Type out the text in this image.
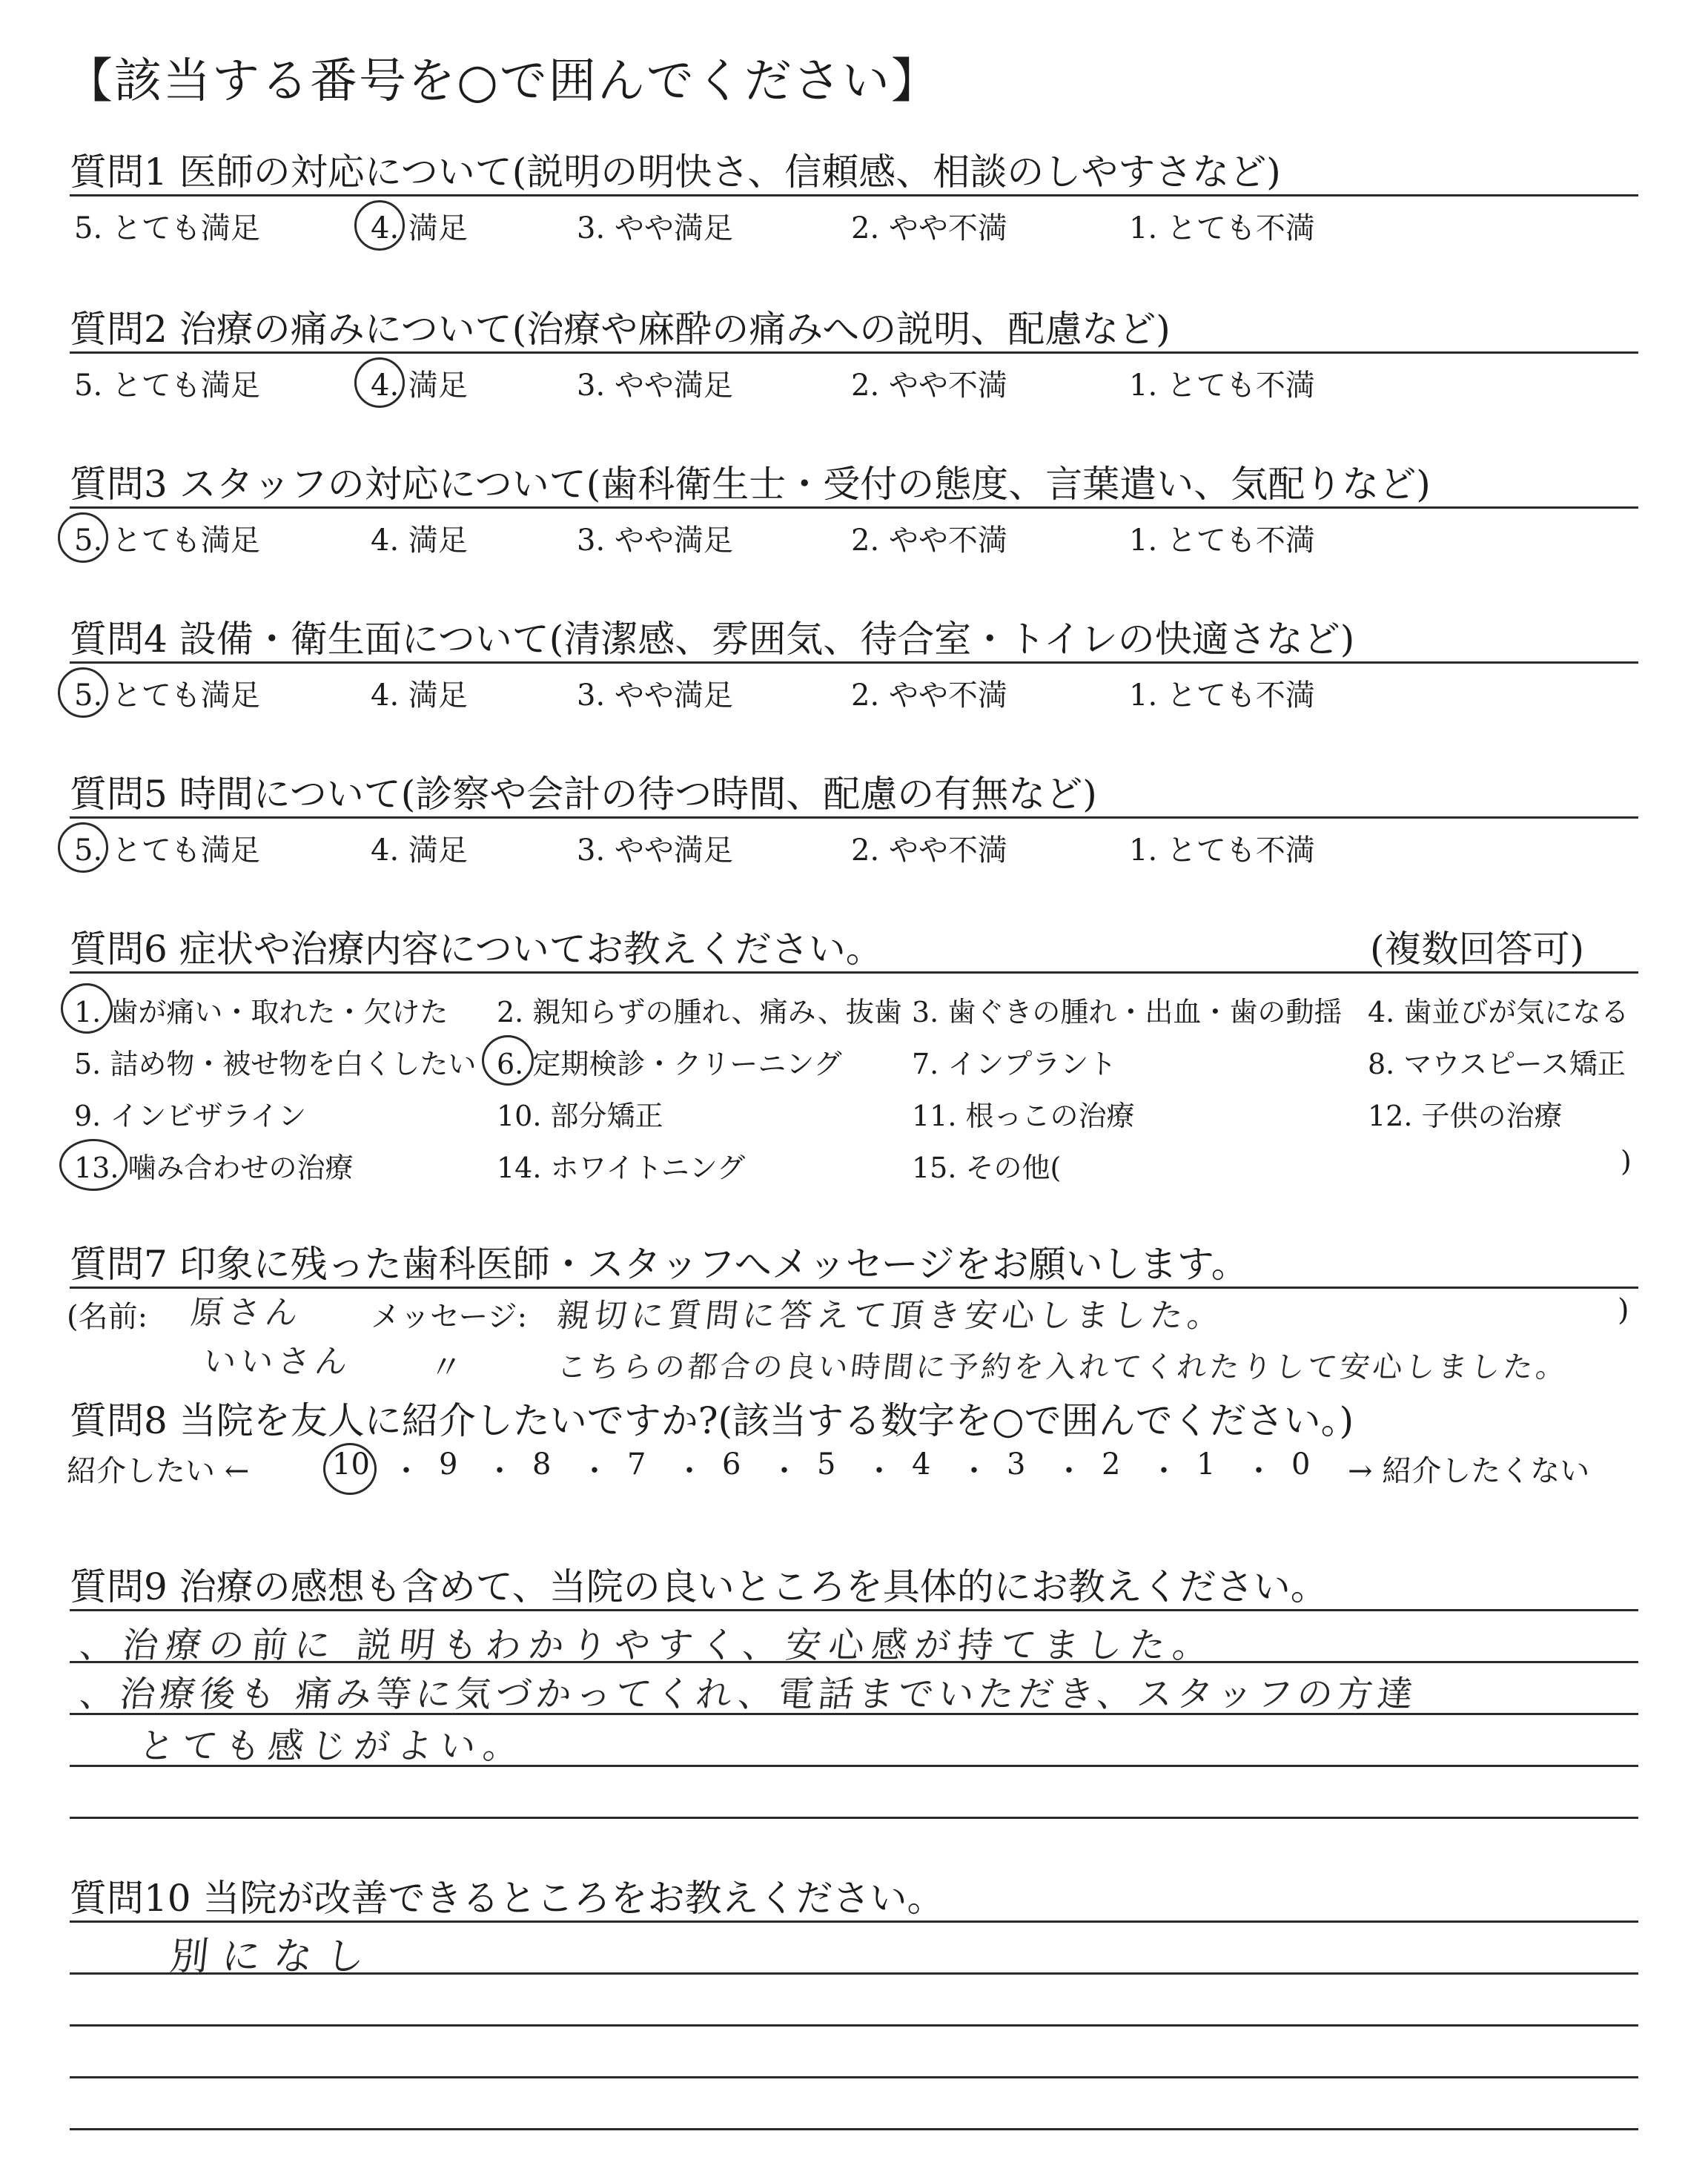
【該当する番号を○で囲んでください】
質問1 医師の対応について(説明の明快さ、信頼感、相談のしやすさなど)
5. とても満足	4. 満足	3. やや満足	2. やや不満	1. とても不満
質問2 治療の痛みについて(治療や麻酔の痛みへの説明、配慮など)
5. とても満足	4. 満足	3. やや満足	2. やや不満	1. とても不満
質問3 スタッフの対応について(歯科衛生士・受付の態度、言葉遣い、気配りなど)
5. とても満足	4. 満足	3. やや満足	2. やや不満	1. とても不満
質問4 設備・衛生面について(清潔感、雰囲気、待合室・トイレの快適さなど)
5. とても満足	4. 満足	3. やや満足	2. やや不満	1. とても不満
質問5 時間について(診察や会計の待つ時間、配慮の有無など)
5. とても満足	4. 満足	3. やや満足	2. やや不満	1. とても不満
質問6 症状や治療内容についてお教えください。	(複数回答可)
1. 歯が痛い・取れた・欠けた 2. 親知らずの腫れ、痛み、抜歯 3. 歯ぐきの腫れ・出血・歯の動揺 4. 歯並びが気になる
5. 詰め物・被せ物を白くしたい 6. 定期検診・クリーニング 7. インプラント	8. マウスピース矯正
9. インビザライン	10. 部分矯正	11. 根っこの治療	12. 子供の治療
13. 噛み合わせの治療	14. ホワイトニング	15. その他(	)
質問7 印象に残った歯科医師・スタッフへメッセージをお願いします。
(名前:	メッセージ:	)
原さん	親切に質問に答えて頂き安心しました。
いいさん 〃	こちらの都合の良い時間に予約を入れてくれたりして安心しました。
質問8 当院を友人に紹介したいですか?(該当する数字を○で囲んでください。)
紹介したい ←	→ 紹介したくない
10 ・ 9 ・ 8 ・ 7 ・ 6 ・ 5 ・ 4 ・ 3 ・ 2 ・ 1 ・ 0
質問9 治療の感想も含めて、当院の良いところを具体的にお教えください。
、治療の前に 説明もわかりやすく、安心感が持てました。
、治療後も 痛み等に気づかってくれ、電話までいただき、スタッフの方達
とても感じがよい。
質問10 当院が改善できるところをお教えください。
別になし
